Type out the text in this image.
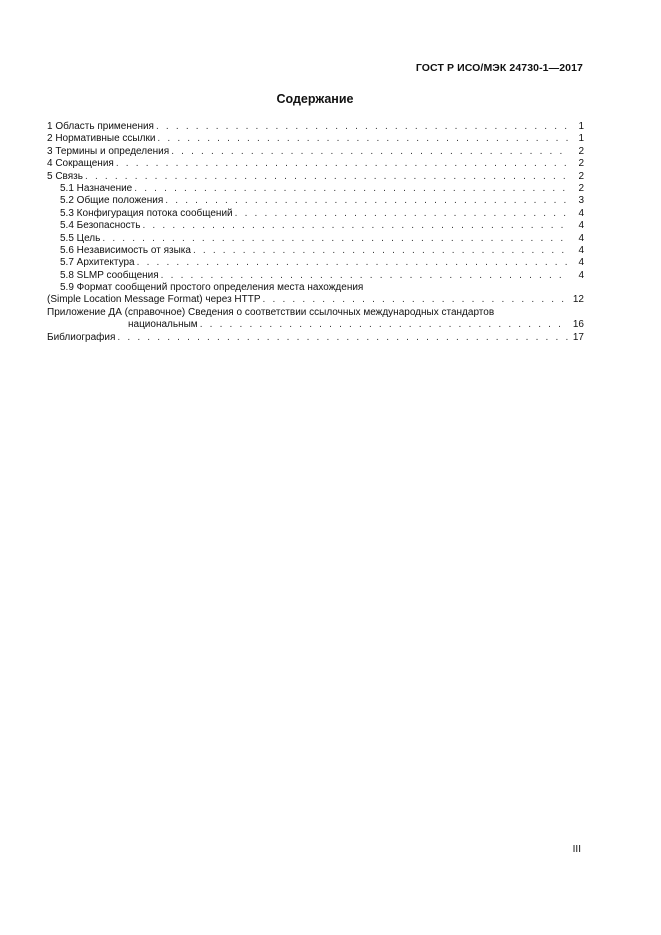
ГОСТ Р ИСО/МЭК 24730-1—2017
Содержание
1 Область применения . . .	1
2 Нормативные ссылки . . .	1
3 Термины и определения . . .	2
4 Сокращения . . .	2
5 Связь . . .	2
5.1 Назначение . . .	2
5.2 Общие положения . . .	3
5.3 Конфигурация потока сообщений . . .	4
5.4 Безопасность . . .	4
5.5 Цель . . .	4
5.6 Независимость от языка . . .	4
5.7 Архитектура . . .	4
5.8 SLMP сообщения . . .	4
5.9 Формат сообщений простого определения места нахождения
(Simple Location Message Format) через HTTP . . .	12
Приложение ДА (справочное) Сведения о соответствии ссылочных международных стандартов
национальным . . .	16
Библиография . . .	17
III
